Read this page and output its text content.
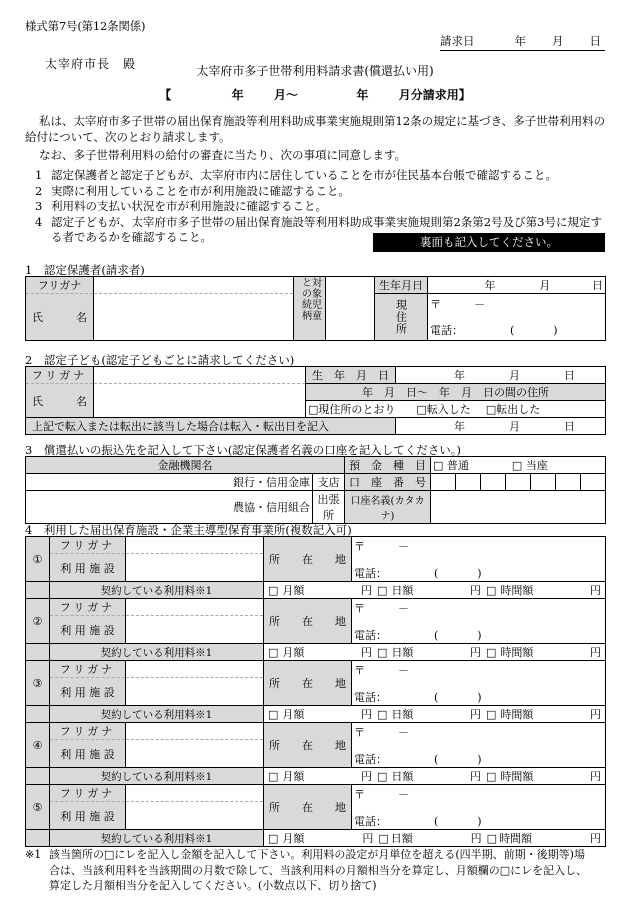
様式第7号(第12条関係)
請求日	年 月 日
太宰府市長　殿	太宰府市多子世帯利用料請求書(償還払い用)
【	年	月～	年	月分請求用】
私は、太宰府市多子世帯の届出保育施設等利用料助成事業実施規則第12条の規定に基づき、多子世帯利用料の給付について、次のとおり請求します。
なお、多子世帯利用料の給付の審査に当たり、次の事項に同意します。
1 認定保護者と認定子どもが、太宰府市内に居住していることを市が住民基本台帳で確認すること。
2 実際に利用していることを市が利用施設に確認すること。
3 利用料の支払い状況を市が利用施設に確認すること。
4 認定子どもが、太宰府市多子世帯の届出保育施設等利用料助成事業実施規則第2条第2号及び第3号に規定する者であるかを確認すること。	裏面も記入してください。
1　認定保護者(請求者)
フリガナ		対象児童との続柄		生年月日	年 月 日

氏　　　名				現住所	〒 －
電話： ( )
2　認定子ども(認定子どもごとに請求してください)
フリガナ		生　年　月　日	年 月 日

氏　　　名		年　月　日～　年　月　日の間の住所	
		□現住所のとおり □転入した □転出した	
上記で転入または転出に該当した場合は転入・転出日を記入			年 月 日
3　償還払いの振込先を記入して下さい(認定保護者名義の口座を記入してください。)
金融機関名		預　金　種　目	□ 普通 □ 当座						
銀行・信用金庫	支店	口　座　番　号							
農協・信用組合	出張所	口座名義(カタカナ)							
4　利用した届出保育施設・企業主導型保育事業所(複数記入可)
①	フリガナ		所　　在　　地	〒 －
電話： ( )

	利 用 施 設			
	契約している利用料※1	□ 月額	円 □ 日額	円 □ 時間額	円

②	フリガナ		所　　在　　地	〒 －
電話： ( )

	利 用 施 設			
	契約している利用料※1	□ 月額	円 □ 日額	円 □ 時間額	円

③	フリガナ		所　　在　　地	〒 －
電話： ( )

	利 用 施 設			
	契約している利用料※1	□ 月額	円 □ 日額	円 □ 時間額	円

④	フリガナ		所　　在　　地	〒 －
電話： ( )

	利 用 施 設			
	契約している利用料※1	□ 月額	円 □ 日額	円 □ 時間額	円

⑤	フリガナ		所　　在　　地	〒 －
電話： ( )

	利 用 施 設			
	契約している利用料※1	□ 月額	円 □ 日額	円 □ 時間額	円
※1 該当箇所の□にレを記入し金額を記入して下さい。利用料の設定が月単位を超える(四半期、前期・後期等)場
合は、当該利用料を当該期間の月数で除して、当該利用料の月額相当分を算定し、月額欄の□にレを記入し、
算定した月額相当分を記入してください。(小数点以下、切り捨て)
